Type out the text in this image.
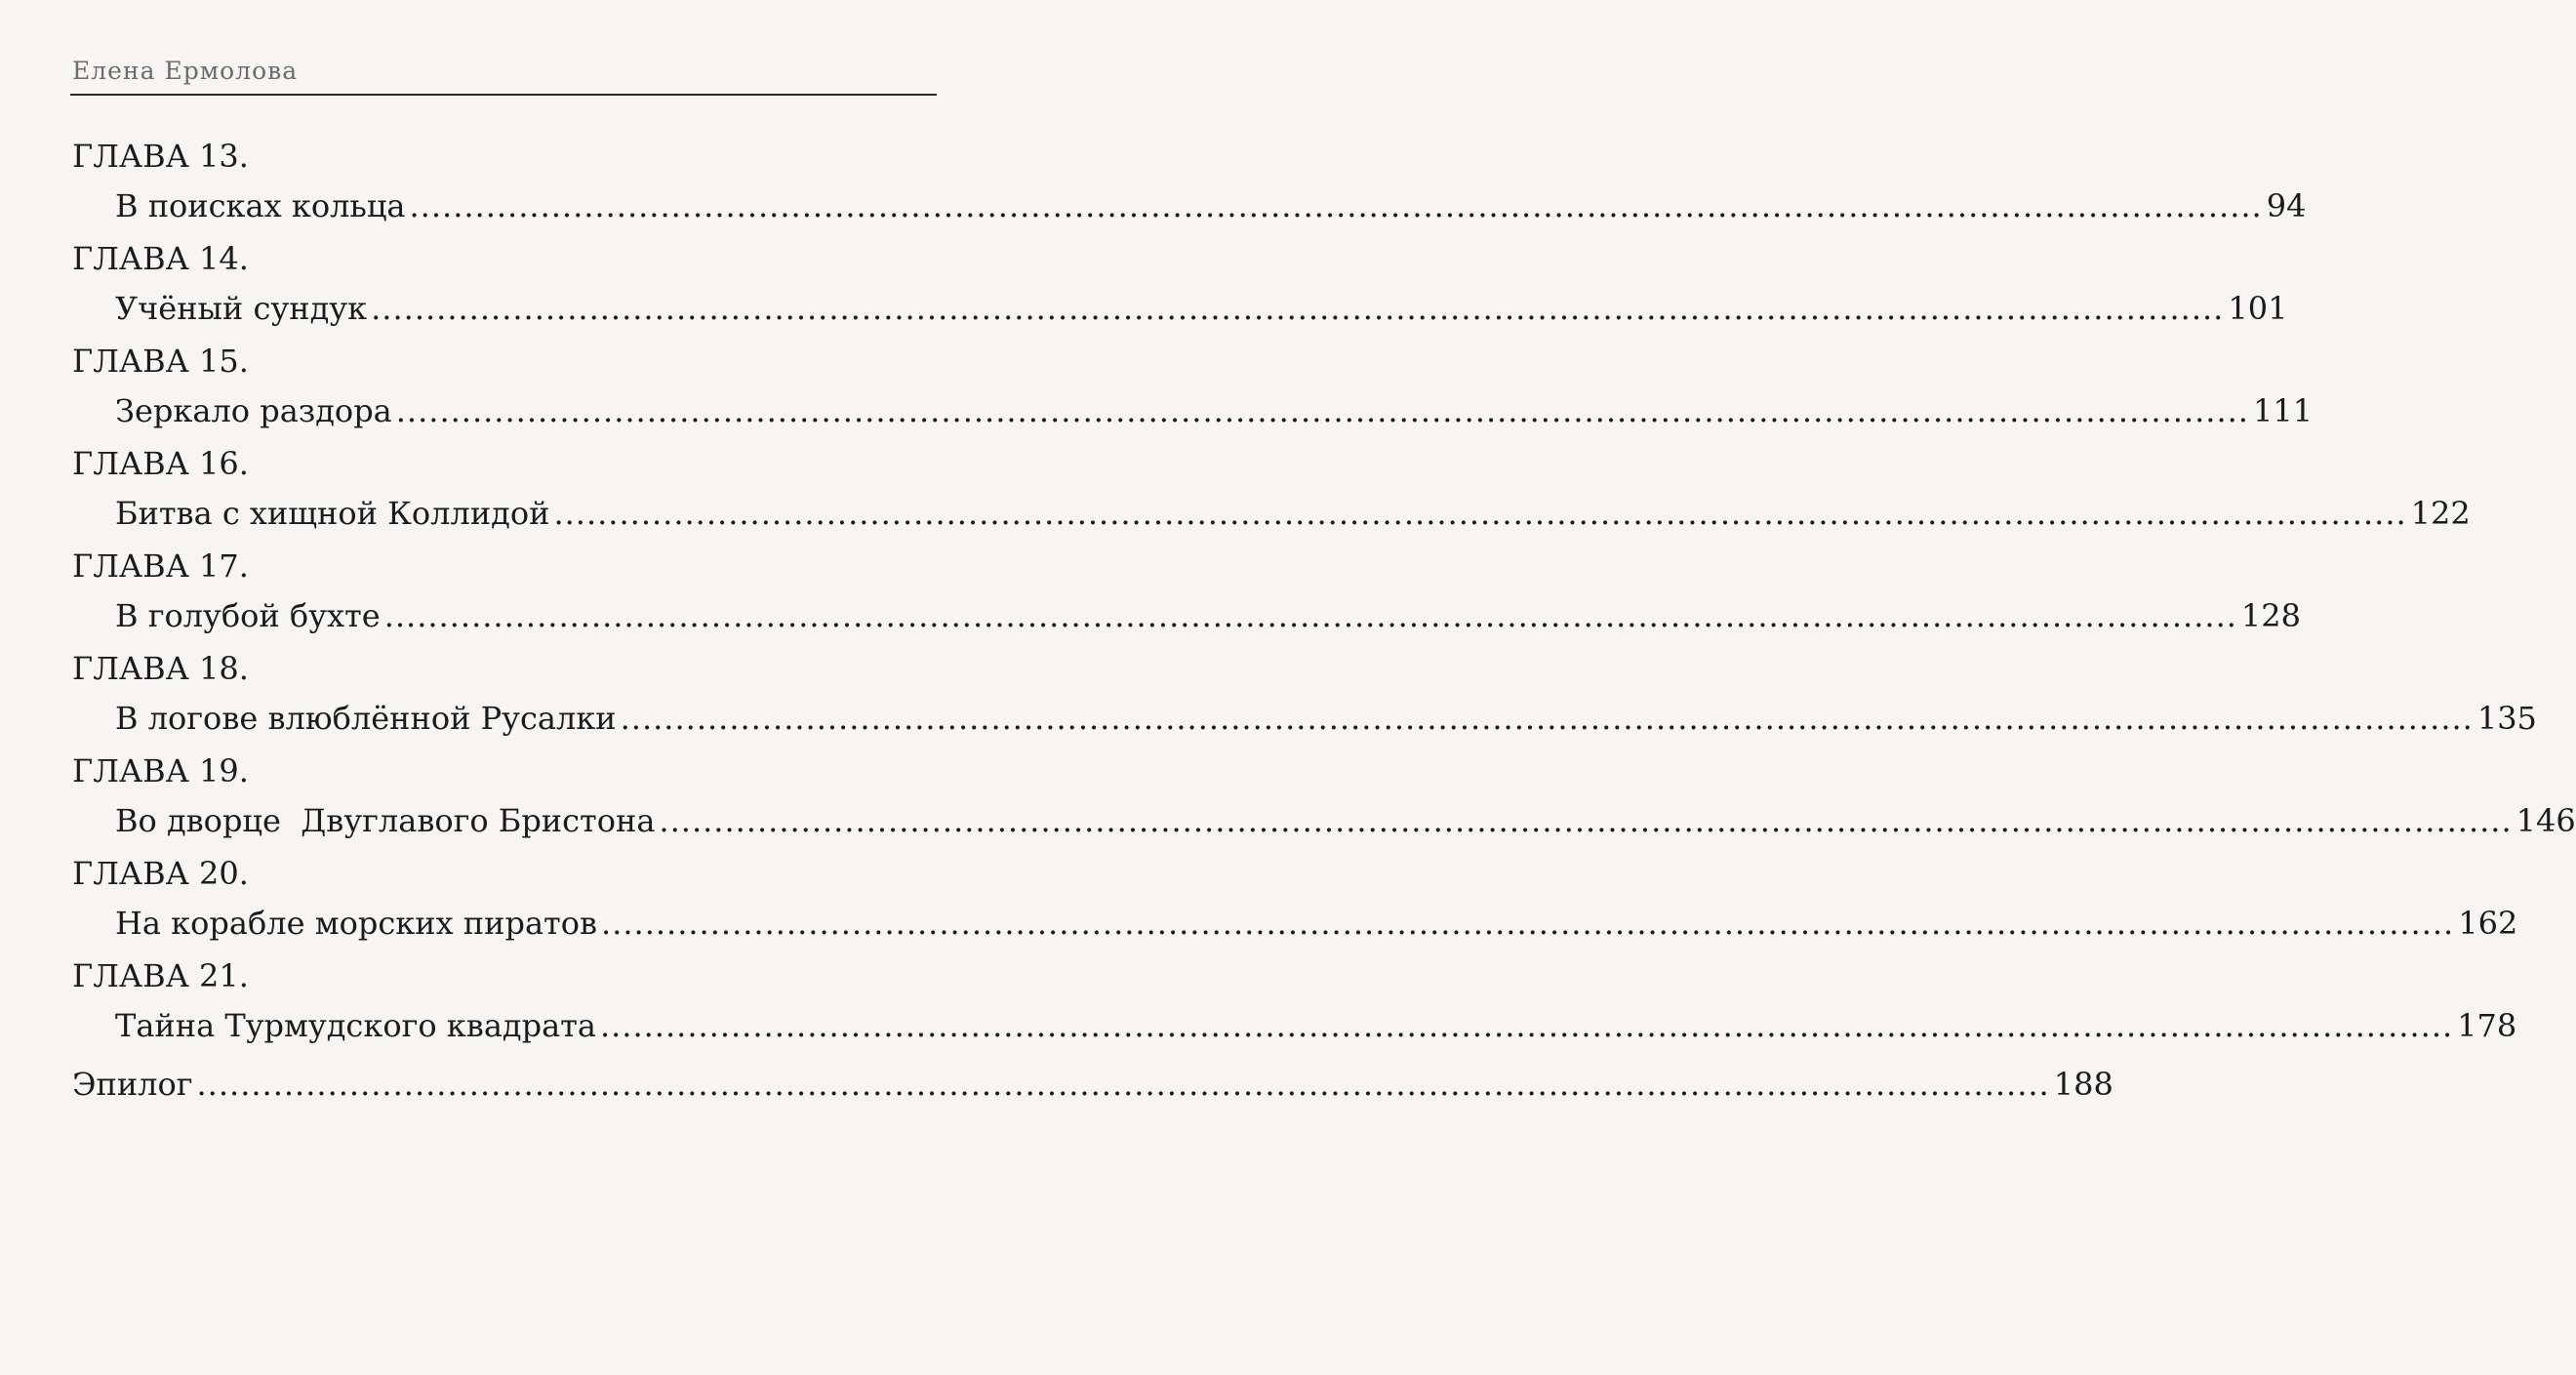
Елена Ермолова
ГЛАВА 13.
В поисках кольца .......................................................................................................................................................................... 94
ГЛАВА 14.
Учёный сундук .......................................................................................................................................................................... 101
ГЛАВА 15.
Зеркало раздора .......................................................................................................................................................................... 111
ГЛАВА 16.
Битва с хищной Коллидой .......................................................................................................................................................................... 122
ГЛАВА 17.
В голубой бухте .......................................................................................................................................................................... 128
ГЛАВА 18.
В логове влюблённой Русалки .......................................................................................................................................................................... 135
ГЛАВА 19.
Во дворце  Двуглавого Бристона .......................................................................................................................................................................... 146
ГЛАВА 20.
На корабле морских пиратов .......................................................................................................................................................................... 162
ГЛАВА 21.
Тайна Турмудского квадрата .......................................................................................................................................................................... 178
Эпилог .......................................................................................................................................................................... 188
